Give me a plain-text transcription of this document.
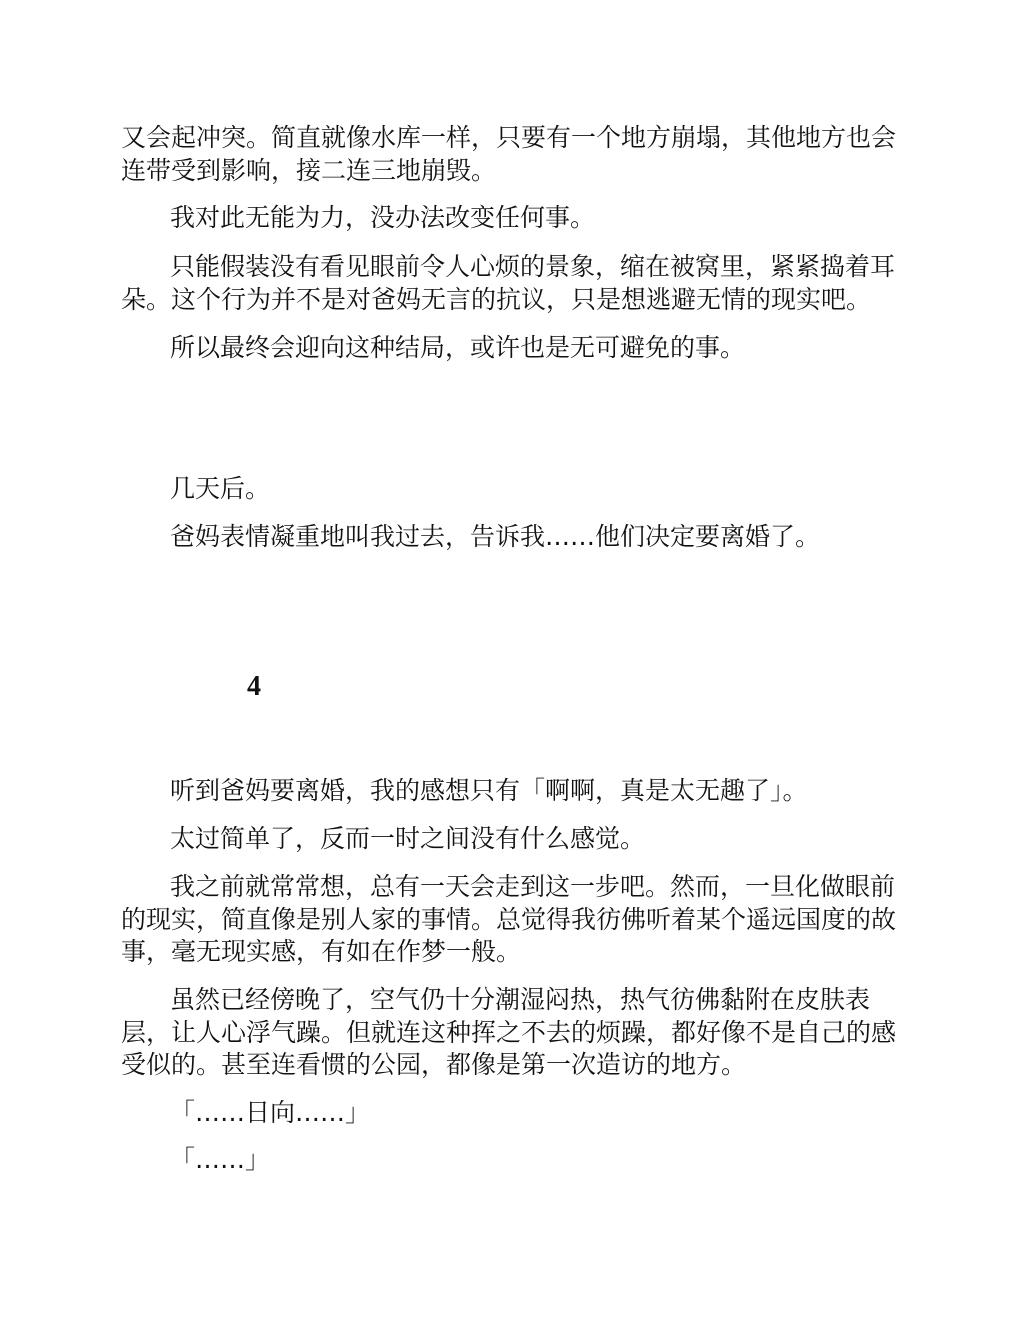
又会起冲突。简直就像水库一样，只要有一个地方崩塌，其他地方也会
连带受到影响，接二连三地崩毁。
我对此无能为力，没办法改变任何事。
只能假装没有看见眼前令人心烦的景象，缩在被窝里，紧紧捣着耳
朵。这个行为并不是对爸妈无言的抗议，只是想逃避无情的现实吧。
所以最终会迎向这种结局，或许也是无可避免的事。
几天后。
爸妈表情凝重地叫我过去，告诉我……他们决定要离婚了。
4
听到爸妈要离婚，我的感想只有「啊啊，真是太无趣了」。
太过简单了，反而一时之间没有什么感觉。
我之前就常常想，总有一天会走到这一步吧。然而，一旦化做眼前
的现实，简直像是别人家的事情。总觉得我彷佛听着某个遥远国度的故
事，毫无现实感，有如在作梦一般。
虽然已经傍晚了，空气仍十分潮湿闷热，热气彷佛黏附在皮肤表
层，让人心浮气躁。但就连这种挥之不去的烦躁，都好像不是自己的感
受似的。甚至连看惯的公园，都像是第一次造访的地方。
「……日向……」
「……」
